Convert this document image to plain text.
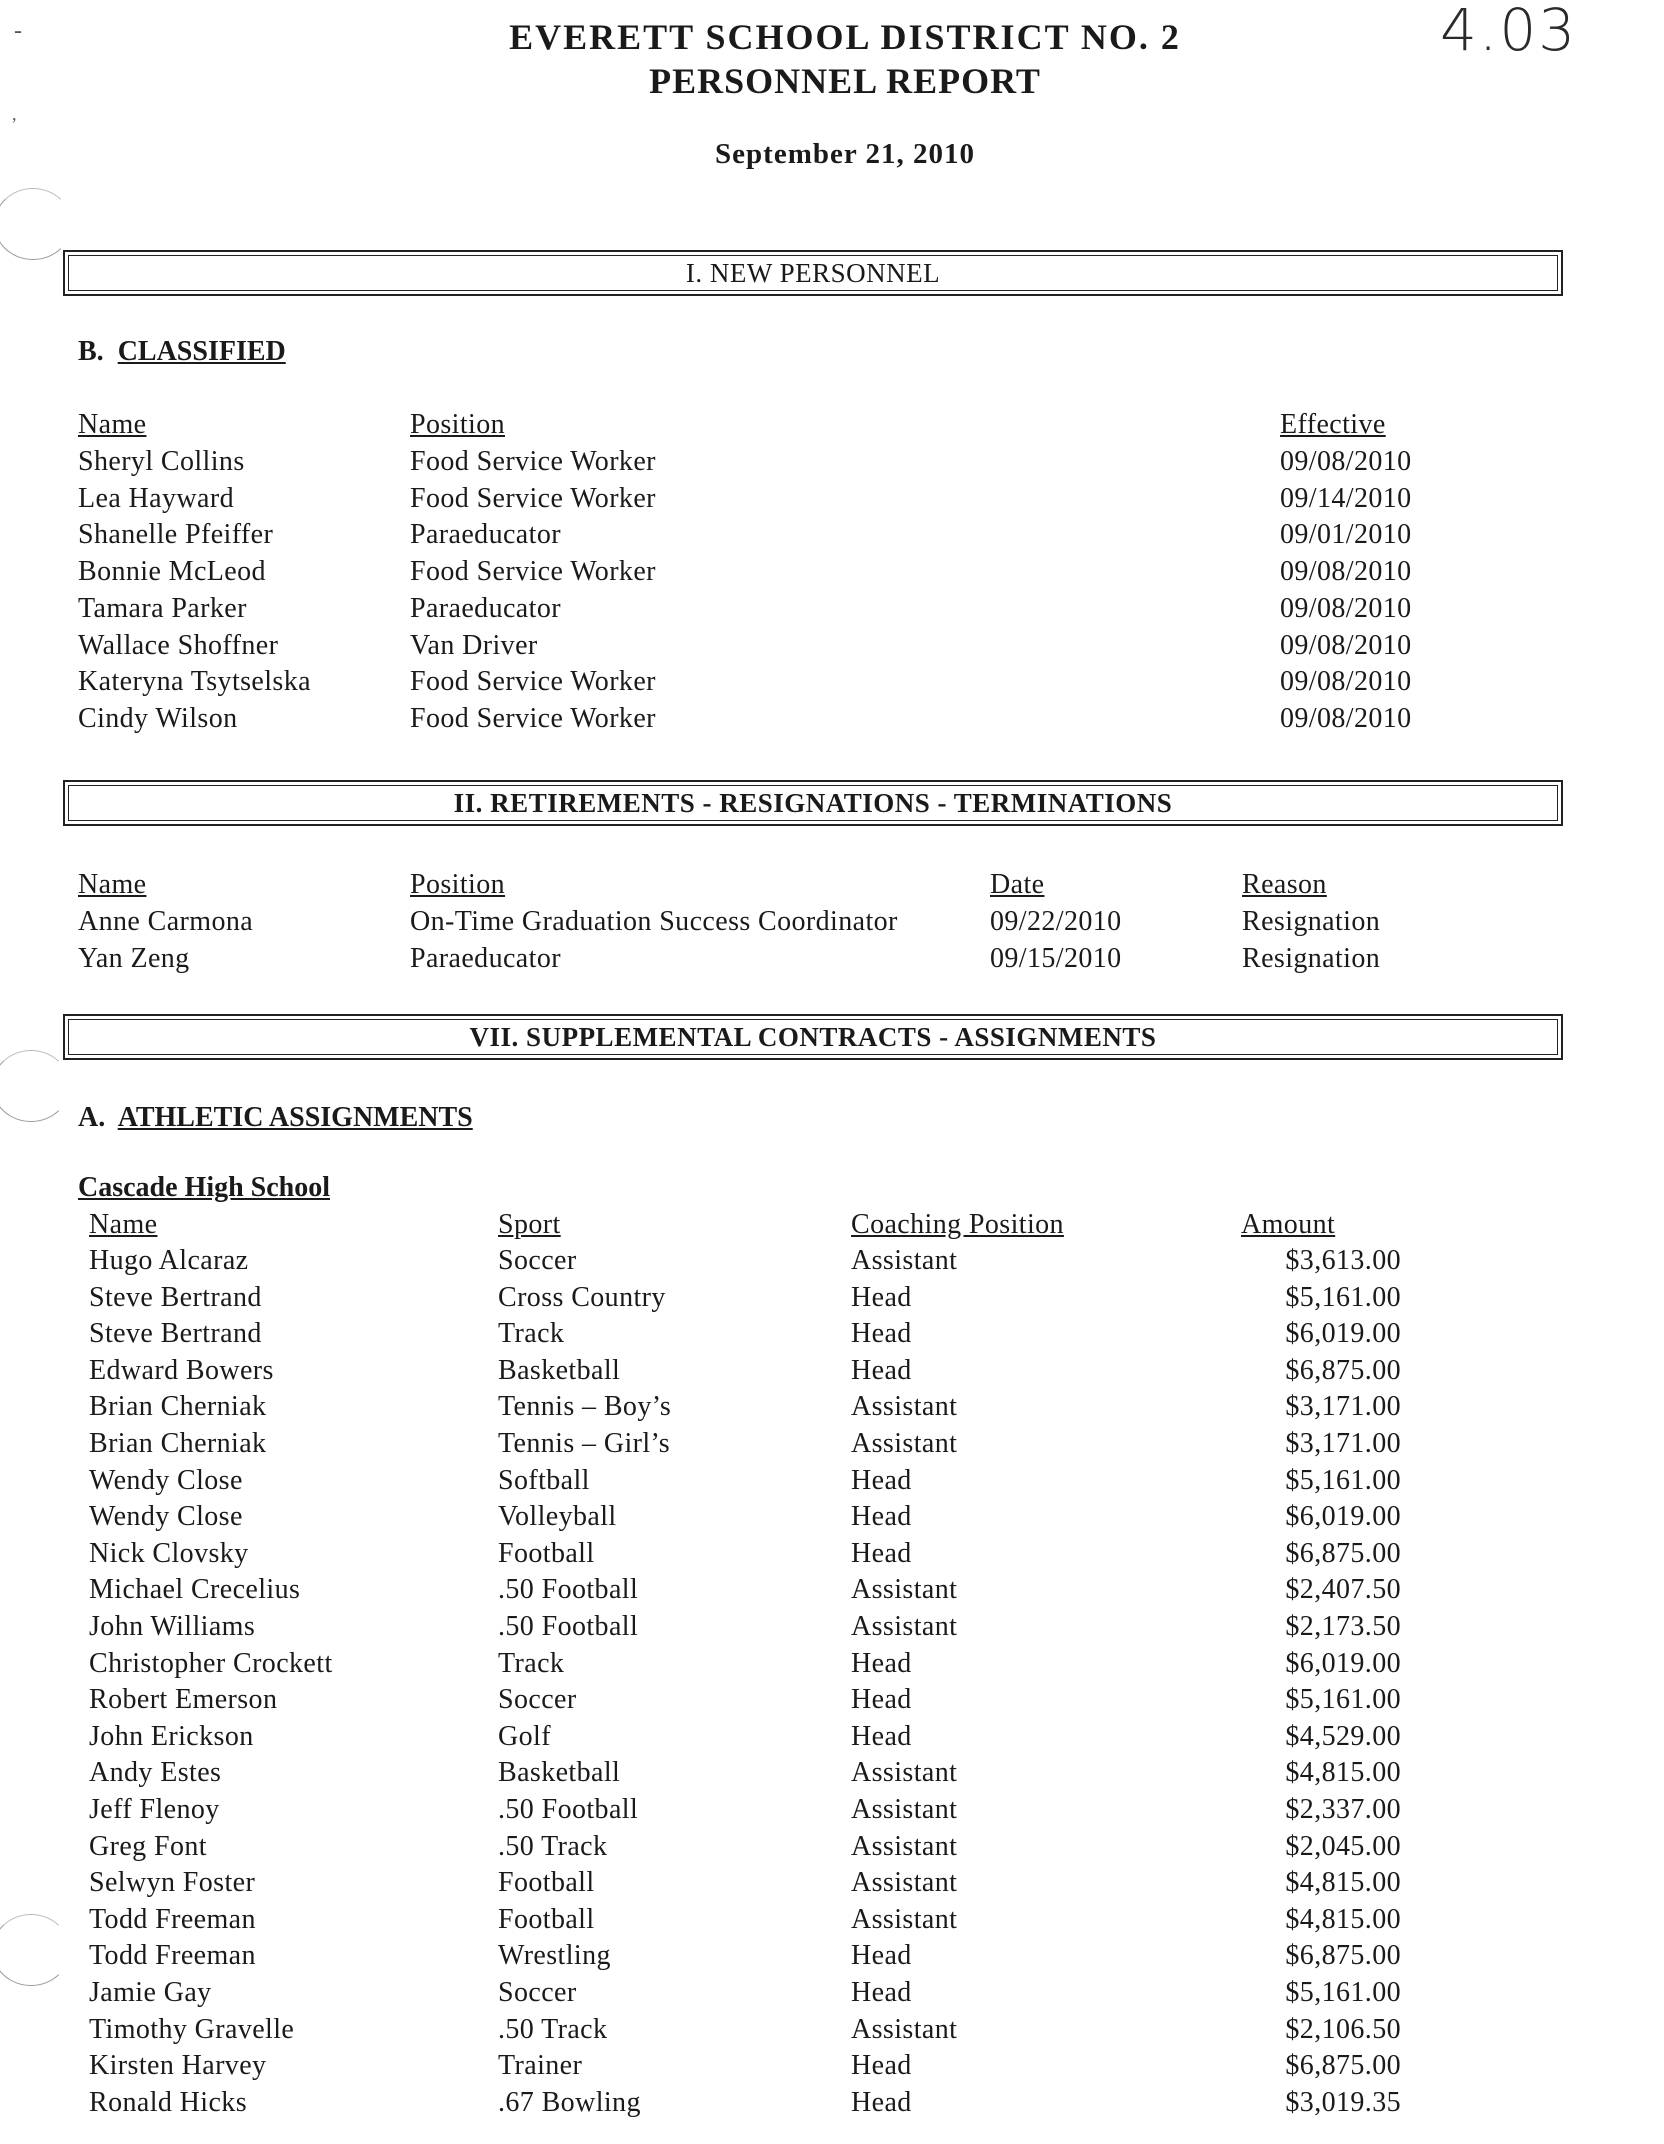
4.03
-
,
EVERETT SCHOOL DISTRICT NO. 2
PERSONNEL REPORT
September 21, 2010
I. NEW PERSONNEL
B. CLASSIFIED
Name	Position	Effective
Sheryl Collins	Food Service Worker	09/08/2010
Lea Hayward	Food Service Worker	09/14/2010
Shanelle Pfeiffer	Paraeducator	09/01/2010
Bonnie McLeod	Food Service Worker	09/08/2010
Tamara Parker	Paraeducator	09/08/2010
Wallace Shoffner	Van Driver	09/08/2010
Kateryna Tsytselska	Food Service Worker	09/08/2010
Cindy Wilson	Food Service Worker	09/08/2010
II. RETIREMENTS - RESIGNATIONS - TERMINATIONS
Name	Position	Date	Reason
Anne Carmona	On-Time Graduation Success Coordinator	09/22/2010	Resignation
Yan Zeng	Paraeducator	09/15/2010	Resignation
VII. SUPPLEMENTAL CONTRACTS - ASSIGNMENTS
A. ATHLETIC ASSIGNMENTS
Cascade High School
Name	Sport	Coaching Position	Amount
Hugo Alcaraz	Soccer	Assistant	$3,613.00
Steve Bertrand	Cross Country	Head	$5,161.00
Steve Bertrand	Track	Head	$6,019.00
Edward Bowers	Basketball	Head	$6,875.00
Brian Cherniak	Tennis – Boy’s	Assistant	$3,171.00
Brian Cherniak	Tennis – Girl’s	Assistant	$3,171.00
Wendy Close	Softball	Head	$5,161.00
Wendy Close	Volleyball	Head	$6,019.00
Nick Clovsky	Football	Head	$6,875.00
Michael Crecelius	.50 Football	Assistant	$2,407.50
John Williams	.50 Football	Assistant	$2,173.50
Christopher Crockett	Track	Head	$6,019.00
Robert Emerson	Soccer	Head	$5,161.00
John Erickson	Golf	Head	$4,529.00
Andy Estes	Basketball	Assistant	$4,815.00
Jeff Flenoy	.50 Football	Assistant	$2,337.00
Greg Font	.50 Track	Assistant	$2,045.00
Selwyn Foster	Football	Assistant	$4,815.00
Todd Freeman	Football	Assistant	$4,815.00
Todd Freeman	Wrestling	Head	$6,875.00
Jamie Gay	Soccer	Head	$5,161.00
Timothy Gravelle	.50 Track	Assistant	$2,106.50
Kirsten Harvey	Trainer	Head	$6,875.00
Ronald Hicks	.67 Bowling	Head	$3,019.35
